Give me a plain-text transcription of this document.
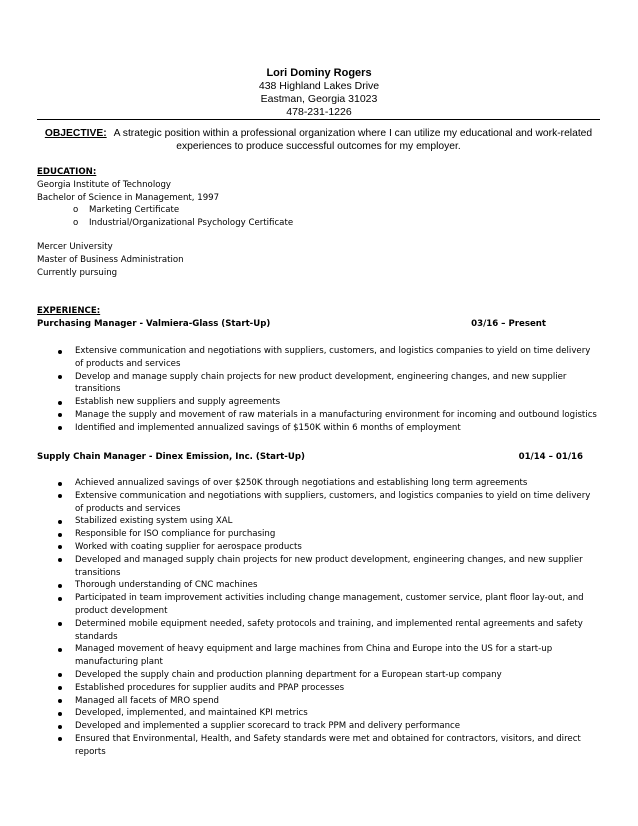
Lori Dominy Rogers
438 Highland Lakes Drive
Eastman, Georgia 31023
478-231-1226
OBJECTIVE: A strategic position within a professional organization where I can utilize my educational and work-related
experiences to produce successful outcomes for my employer.
EDUCATION:
Georgia Institute of Technology
Bachelor of Science in Management, 1997
o	Marketing Certificate
o	Industrial/Organizational Psychology Certificate
Mercer University
Master of Business Administration
Currently pursuing
EXPERIENCE:
Purchasing Manager - Valmiera-Glass (Start-Up)	03/16 – Present
Extensive communication and negotiations with suppliers, customers, and logistics companies to yield on time delivery of products and services
Develop and manage supply chain projects for new product development, engineering changes, and new supplier transitions
Establish new suppliers and supply agreements
Manage the supply and movement of raw materials in a manufacturing environment for incoming and outbound logistics
Identified and implemented annualized savings of $150K within 6 months of employment
Supply Chain Manager - Dinex Emission, Inc. (Start-Up)	01/14 – 01/16
Achieved annualized savings of over $250K through negotiations and establishing long term agreements
Extensive communication and negotiations with suppliers, customers, and logistics companies to yield on time delivery of products and services
Stabilized existing system using XAL
Responsible for ISO compliance for purchasing
Worked with coating supplier for aerospace products
Developed and managed supply chain projects for new product development, engineering changes, and new supplier transitions
Thorough understanding of CNC machines
Participated in team improvement activities including change management, customer service, plant floor lay-out, and product development
Determined mobile equipment needed, safety protocols and training, and implemented rental agreements and safety standards
Managed movement of heavy equipment and large machines from China and Europe into the US for a start-up manufacturing plant
Developed the supply chain and production planning department for a European start-up company
Established procedures for supplier audits and PPAP processes
Managed all facets of MRO spend
Developed, implemented, and maintained KPI metrics
Developed and implemented a supplier scorecard to track PPM and delivery performance
Ensured that Environmental, Health, and Safety standards were met and obtained for contractors, visitors, and direct reports
